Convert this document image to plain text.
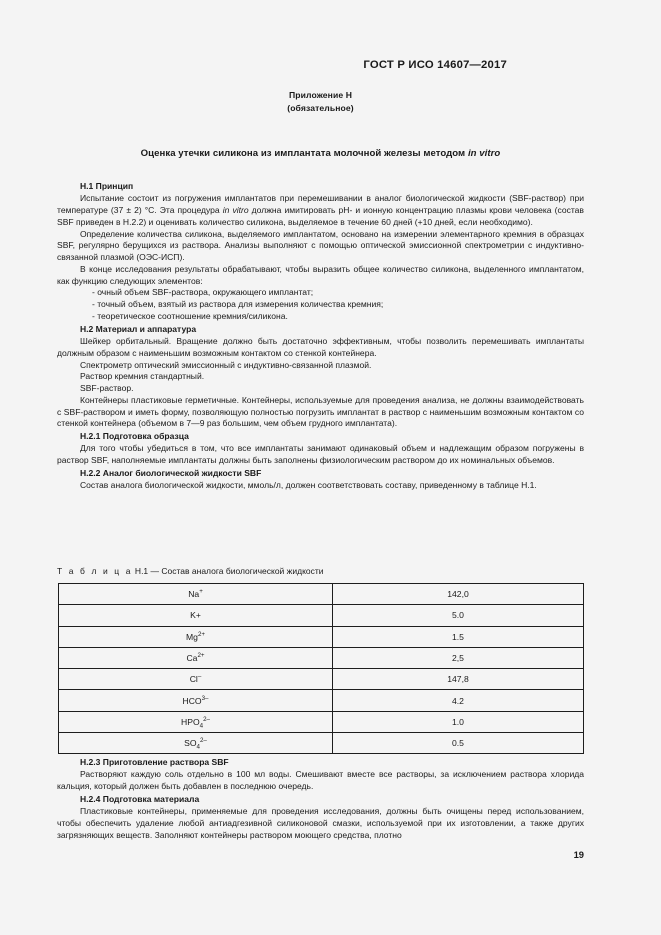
ГОСТ Р ИСО 14607—2017
Приложение Н
(обязательное)
Оценка утечки силикона из имплантата молочной железы методом in vitro

Н.1 Принцип

Испытание состоит из погружения имплантатов при перемешивании в аналог биологической жидкости (SBF-раствор) при температуре (37 ± 2) °С. Эта процедура in vitro должна имитировать рН- и ионную концентрацию плазмы крови человека (состав SBF приведен в Н.2.2) и оценивать количество силикона, выделяемое в течение 60 дней (+10 дней, если необходимо).

Определение количества силикона, выделяемого имплантатом, основано на измерении элементарного кремния в образцах SBF, регулярно берущихся из раствора. Анализы выполняют с помощью оптической эмиссионной спектрометрии с индуктивно-связанной плазмой (ОЭС-ИСП).

В конце исследования результаты обрабатывают, чтобы выразить общее количество силикона, выделенного имплантатом, как функцию следующих элементов:

- очный объем SBF-раствора, окружающего имплантат;

- точный объем, взятый из раствора для измерения количества кремния;

- теоретическое соотношение кремния/силикона.

Н.2 Материал и аппаратура

Шейкер орбитальный. Вращение должно быть достаточно эффективным, чтобы позволить перемешивать имплантаты должным образом с наименьшим возможным контактом со стенкой контейнера.

Спектрометр оптический эмиссионный с индуктивно-связанной плазмой.

Раствор кремния стандартный.

SBF-раствор.

Контейнеры пластиковые герметичные. Контейнеры, используемые для проведения анализа, не должны взаимодействовать с SBF-раствором и иметь форму, позволяющую полностью погрузить имплантат в раствор с наименьшим возможным контактом со стенкой контейнера (объемом в 7—9 раз большим, чем объем грудного имплантата).

Н.2.1 Подготовка образца

Для того чтобы убедиться в том, что все имплантаты занимают одинаковый объем и надлежащим образом погружены в раствор SBF, наполняемые имплантаты должны быть заполнены физиологическим раствором до их номинальных объемов.

Н.2.2 Аналог биологической жидкости SBF

Состав аналога биологической жидкости, ммоль/л, должен соответствовать составу, приведенному в таблице Н.1.

Т а б л и ц а Н.1 — Состав аналога биологической жидкости
Na+	142,0
K+	5.0
$Mg^{2+}$	1.5
$Ca^{2+}$	2,5
Cl–	147,8
$HCO^{3-}$	4.2
$HPO_4^{2-}$	1.0
$SO_4^{2-}$	0.5

Н.2.3 Приготовление раствора SBF

Растворяют каждую соль отдельно в 100 мл воды. Смешивают вместе все растворы, за исключением раствора хлорида кальция, который должен быть добавлен в последнюю очередь.

Н.2.4 Подготовка материала

Пластиковые контейнеры, применяемые для проведения исследования, должны быть очищены перед использованием, чтобы обеспечить удаление любой антиадгезивной силиконовой смазки, используемой при их изготовлении, а также других загрязняющих веществ. Заполняют контейнеры раствором моющего средства, плотно

19
